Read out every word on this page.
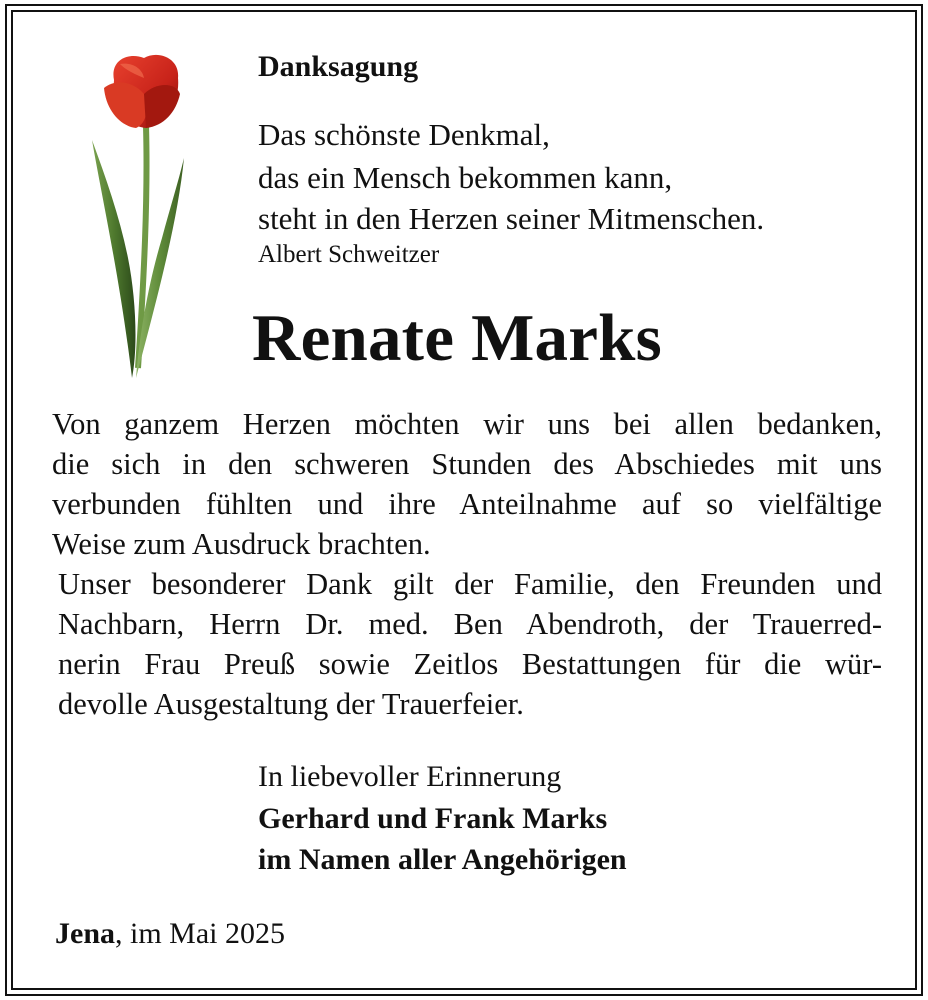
Danksagung
Das schönste Denkmal,
das ein Mensch bekommen kann,
steht in den Herzen seiner Mitmenschen.
Albert Schweitzer
Renate Marks
Von ganzem Herzen möchten wir uns bei allen bedanken,
die sich in den schweren Stunden des Abschiedes mit uns
verbunden fühlten und ihre Anteilnahme auf so vielfältige
Weise zum Ausdruck brachten.
Unser besonderer Dank gilt der Familie, den Freunden und
Nachbarn, Herrn Dr. med. Ben Abendroth, der Trauerred-
nerin Frau Preuß sowie Zeitlos Bestattungen für die wür-
devolle Ausgestaltung der Trauerfeier.
In liebevoller Erinnerung
Gerhard und Frank Marks
im Namen aller Angehörigen
Jena, im Mai 2025
